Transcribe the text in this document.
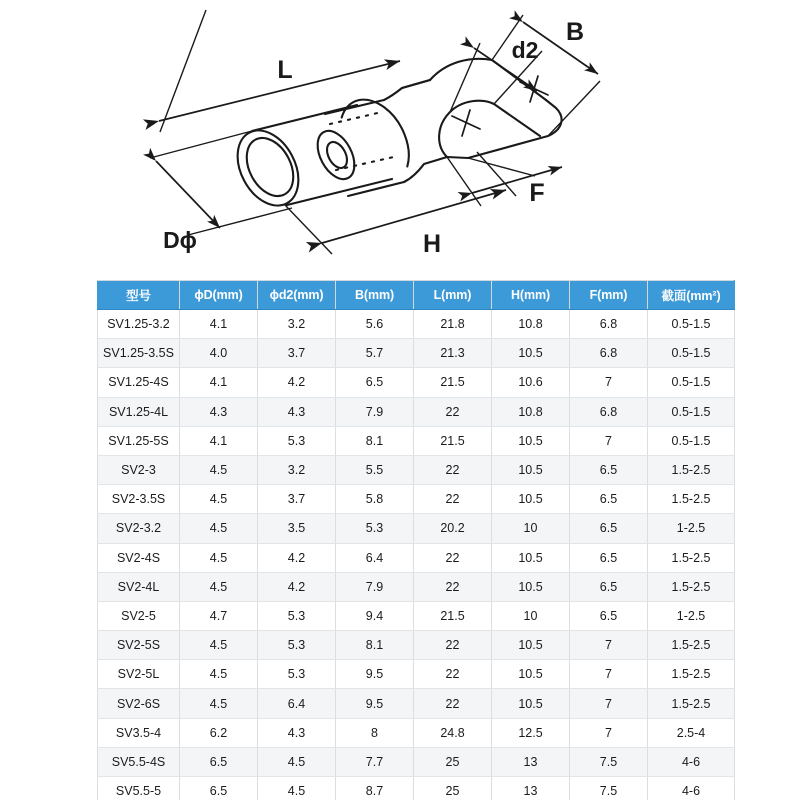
L
Dϕ	H
B
d2
F
型号	ϕD(mm)	ϕd2(mm)	B(mm)	L(mm)	H(mm)	F(mm)	截面(mm²)
SV1.25-3.2	4.1	3.2	5.6	21.8	10.8	6.8	0.5-1.5
SV1.25-3.5S	4.0	3.7	5.7	21.3	10.5	6.8	0.5-1.5
SV1.25-4S	4.1	4.2	6.5	21.5	10.6	7	0.5-1.5
SV1.25-4L	4.3	4.3	7.9	22	10.8	6.8	0.5-1.5
SV1.25-5S	4.1	5.3	8.1	21.5	10.5	7	0.5-1.5
SV2-3	4.5	3.2	5.5	22	10.5	6.5	1.5-2.5
SV2-3.5S	4.5	3.7	5.8	22	10.5	6.5	1.5-2.5
SV2-3.2	4.5	3.5	5.3	20.2	10	6.5	1-2.5
SV2-4S	4.5	4.2	6.4	22	10.5	6.5	1.5-2.5
SV2-4L	4.5	4.2	7.9	22	10.5	6.5	1.5-2.5
SV2-5	4.7	5.3	9.4	21.5	10	6.5	1-2.5
SV2-5S	4.5	5.3	8.1	22	10.5	7	1.5-2.5
SV2-5L	4.5	5.3	9.5	22	10.5	7	1.5-2.5
SV2-6S	4.5	6.4	9.5	22	10.5	7	1.5-2.5
SV3.5-4	6.2	4.3	8	24.8	12.5	7	2.5-4
SV5.5-4S	6.5	4.5	7.7	25	13	7.5	4-6
SV5.5-5	6.5	4.5	8.7	25	13	7.5	4-6
